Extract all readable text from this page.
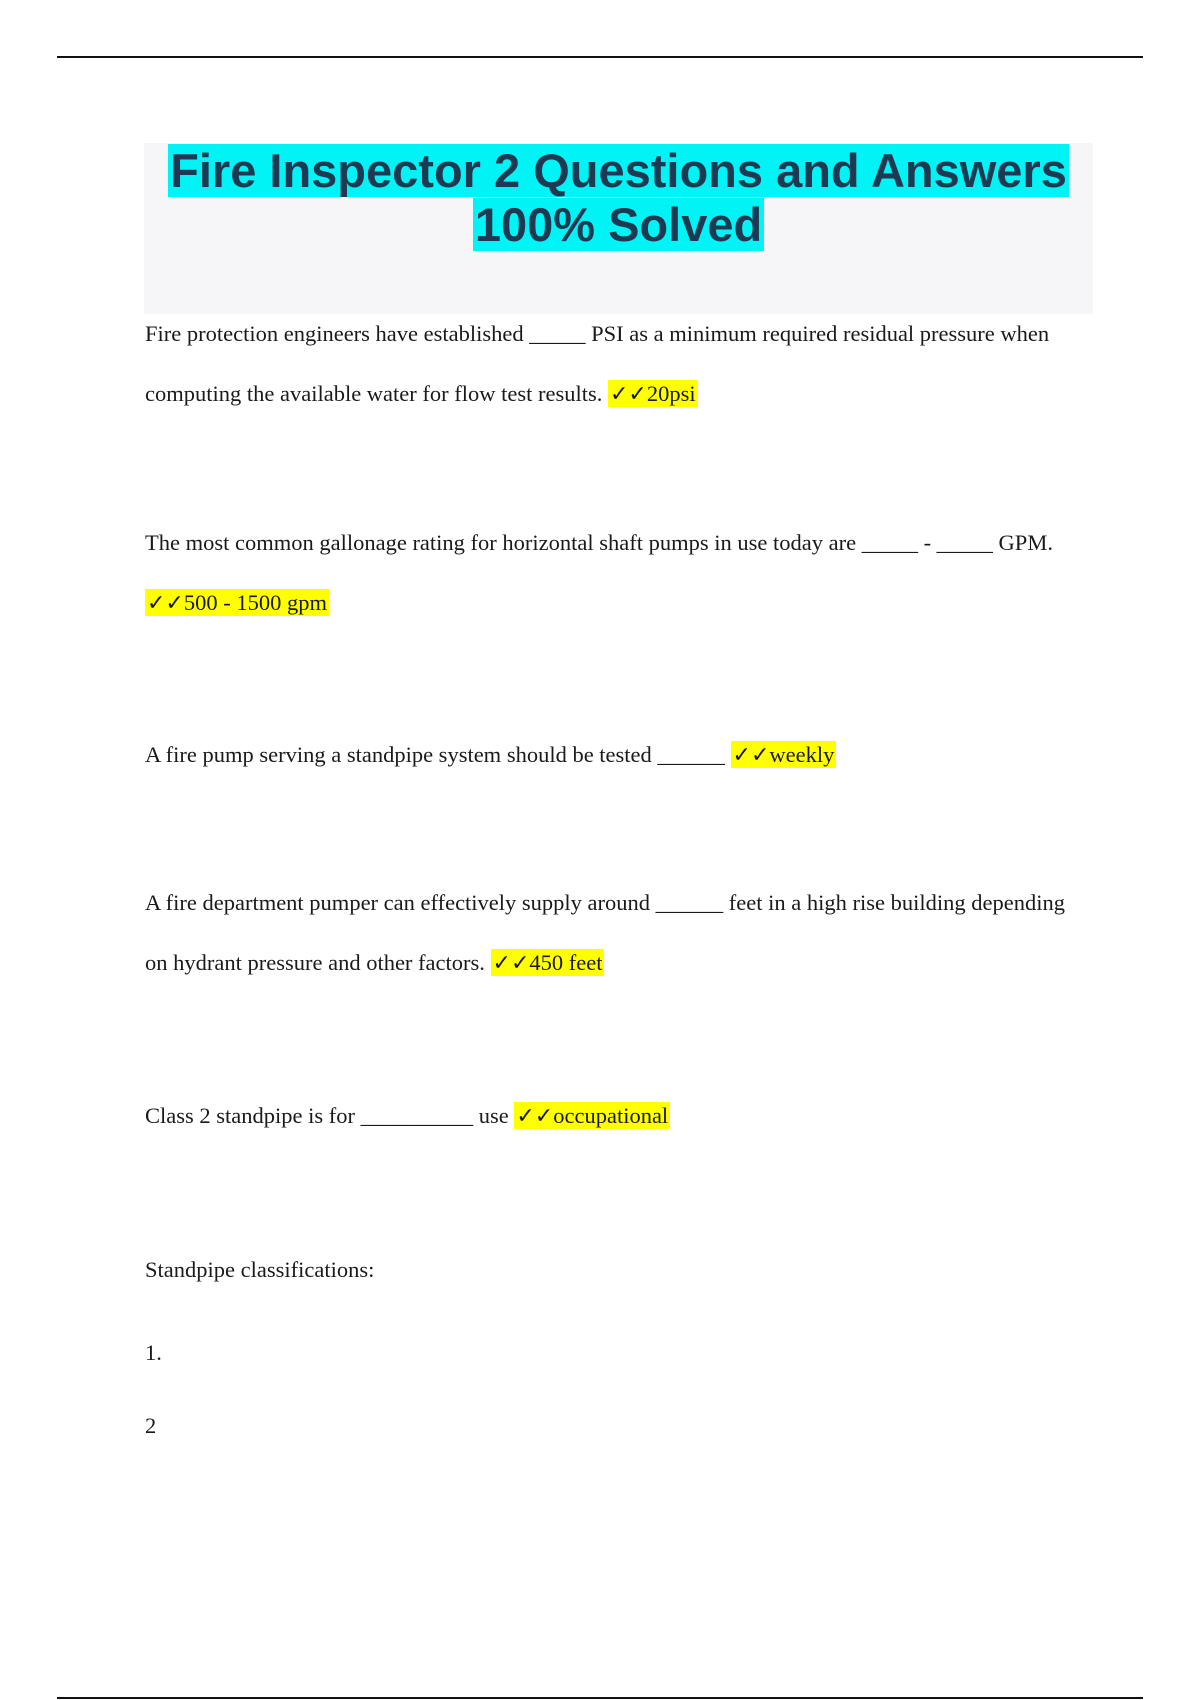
Fire Inspector 2 Questions and Answers
100% Solved

Fire protection engineers have established _____ PSI as a minimum required residual pressure when computing the available water for flow test results. ✓✓20psi

The most common gallonage rating for horizontal shaft pumps in use today are _____ - _____ GPM. ✓✓500 - 1500 gpm

A fire pump serving a standpipe system should be tested ______ ✓✓weekly

A fire department pumper can effectively supply around ______ feet in a high rise building depending on hydrant pressure and other factors. ✓✓450 feet

Class 2 standpipe is for __________ use ✓✓occupational

Standpipe classifications:

1.

2
